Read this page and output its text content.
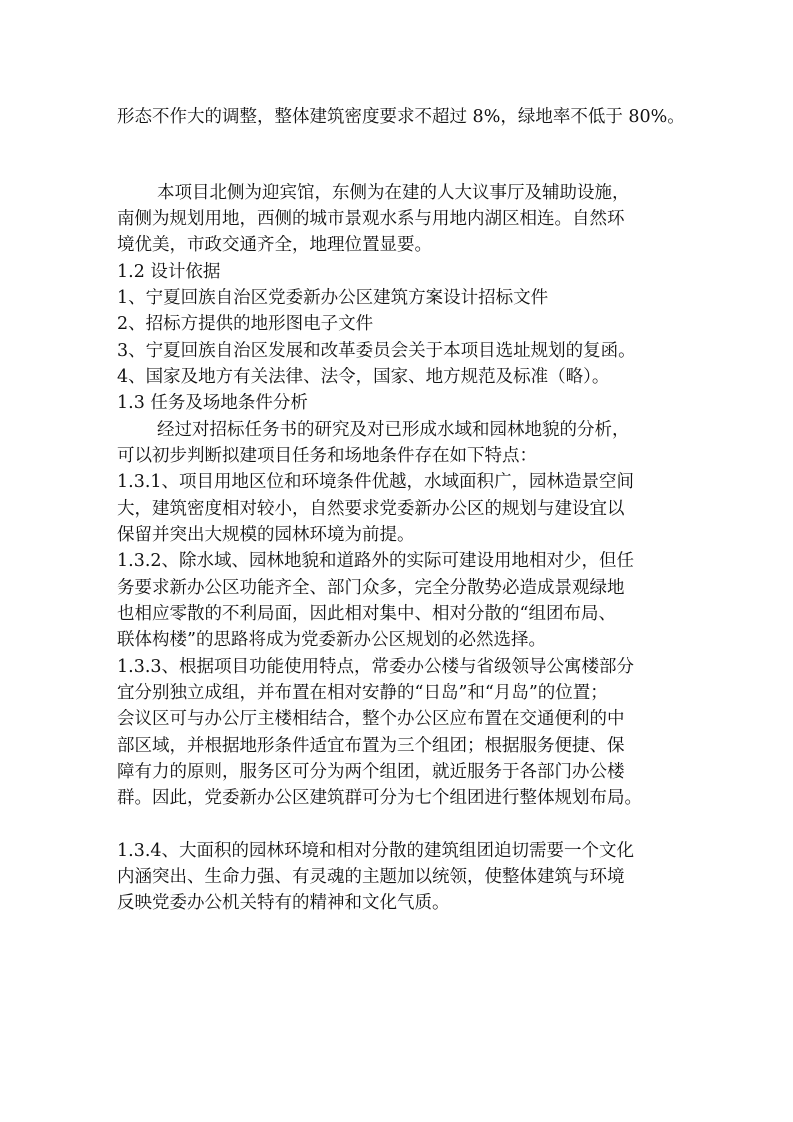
形态不作大的调整，整体建筑密度要求不超过 8%，绿地率不低于 80%。
本项目北侧为迎宾馆，东侧为在建的人大议事厅及辅助设施，
南侧为规划用地，西侧的城市景观水系与用地内湖区相连。自然环
境优美，市政交通齐全，地理位置显要。
1.2 设计依据
1、宁夏回族自治区党委新办公区建筑方案设计招标文件
2、招标方提供的地形图电子文件
3、宁夏回族自治区发展和改革委员会关于本项目选址规划的复函。
4、国家及地方有关法律、法令，国家、地方规范及标准（略）。
1.3 任务及场地条件分析
经过对招标任务书的研究及对已形成水域和园林地貌的分析，
可以初步判断拟建项目任务和场地条件存在如下特点：
1.3.1、项目用地区位和环境条件优越，水域面积广，园林造景空间
大，建筑密度相对较小，自然要求党委新办公区的规划与建设宜以
保留并突出大规模的园林环境为前提。
1.3.2、除水域、园林地貌和道路外的实际可建设用地相对少，但任
务要求新办公区功能齐全、部门众多，完全分散势必造成景观绿地
也相应零散的不利局面，因此相对集中、相对分散的“组团布局、
联体构楼”的思路将成为党委新办公区规划的必然选择。
1.3.3、根据项目功能使用特点，常委办公楼与省级领导公寓楼部分
宜分别独立成组，并布置在相对安静的“日岛”和“月岛”的位置；
会议区可与办公厅主楼相结合，整个办公区应布置在交通便利的中
部区域，并根据地形条件适宜布置为三个组团；根据服务便捷、保
障有力的原则，服务区可分为两个组团，就近服务于各部门办公楼
群。因此，党委新办公区建筑群可分为七个组团进行整体规划布局。
1.3.4、大面积的园林环境和相对分散的建筑组团迫切需要一个文化
内涵突出、生命力强、有灵魂的主题加以统领，使整体建筑与环境
反映党委办公机关特有的精神和文化气质。
